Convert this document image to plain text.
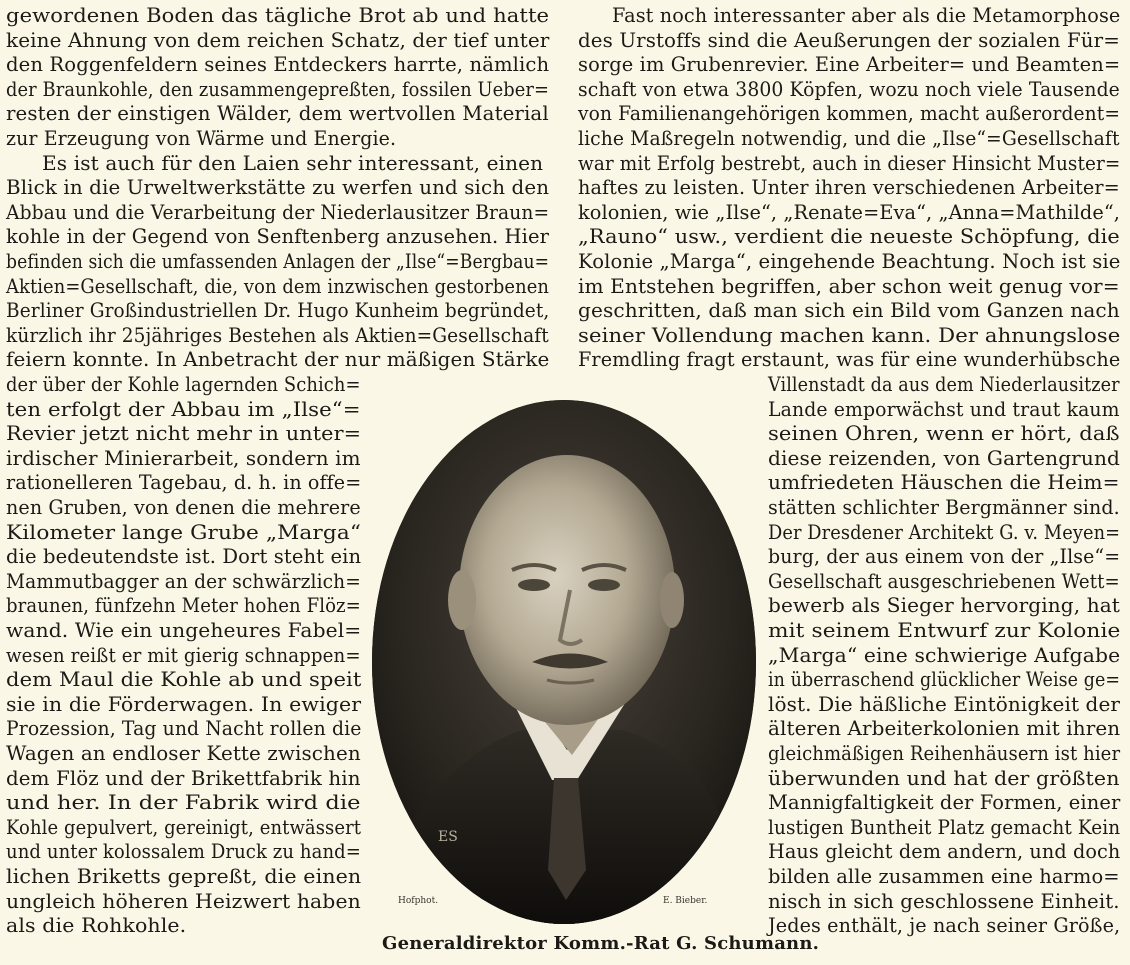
gewordenen Boden das tägliche Brot ab und hatte

keine Ahnung von dem reichen Schatz, der tief unter

den Roggenfeldern seines Entdeckers harrte, nämlich

der Braunkohle, den zusammengepreßten, fossilen Ueber=

resten der einstigen Wälder, dem wertvollen Material

zur Erzeugung von Wärme und Energie.

Es ist auch für den Laien sehr interessant, einen

Blick in die Urweltwerkstätte zu werfen und sich den

Abbau und die Verarbeitung der Niederlausitzer Braun=

kohle in der Gegend von Senftenberg anzusehen. Hier

befinden sich die umfassenden Anlagen der „Ilse“=Bergbau=

Aktien=Gesellschaft, die, von dem inzwischen gestorbenen

Berliner Großindustriellen Dr. Hugo Kunheim begründet,

kürzlich ihr 25jähriges Bestehen als Aktien=Gesellschaft

feiern konnte. In Anbetracht der nur mäßigen Stärke

der über der Kohle lagernden Schich=

ten erfolgt der Abbau im „Ilse“=

Revier jetzt nicht mehr in unter=

irdischer Minierarbeit, sondern im

rationelleren Tagebau, d. h. in offe=

nen Gruben, von denen die mehrere

Kilometer lange Grube „Marga“

die bedeutendste ist. Dort steht ein

Mammutbagger an der schwärzlich=

braunen, fünfzehn Meter hohen Flöz=

wand. Wie ein ungeheures Fabel=

wesen reißt er mit gierig schnappen=

dem Maul die Kohle ab und speit

sie in die Förderwagen. In ewiger

Prozession, Tag und Nacht rollen die

Wagen an endloser Kette zwischen

dem Flöz und der Brikettfabrik hin

und her. In der Fabrik wird die

Kohle gepulvert, gereinigt, entwässert

und unter kolossalem Druck zu hand=

lichen Briketts gepreßt, die einen

ungleich höheren Heizwert haben

als die Rohkohle.

Fast noch interessanter aber als die Metamorphose

des Urstoffs sind die Aeußerungen der sozialen Für=

sorge im Grubenrevier. Eine Arbeiter= und Beamten=

schaft von etwa 3800 Köpfen, wozu noch viele Tausende

von Familienangehörigen kommen, macht außerordent=

liche Maßregeln notwendig, und die „Ilse“=Gesellschaft

war mit Erfolg bestrebt, auch in dieser Hinsicht Muster=

haftes zu leisten. Unter ihren verschiedenen Arbeiter=

kolonien, wie „Ilse“, „Renate=Eva“, „Anna=Mathilde“,

„Rauno“ usw., verdient die neueste Schöpfung, die

Kolonie „Marga“, eingehende Beachtung. Noch ist sie

im Entstehen begriffen, aber schon weit genug vor=

geschritten, daß man sich ein Bild vom Ganzen nach

seiner Vollendung machen kann. Der ahnungslose

Fremdling fragt erstaunt, was für eine wunderhübsche

Villenstadt da aus dem Niederlausitzer

Lande emporwächst und traut kaum

seinen Ohren, wenn er hört, daß

diese reizenden, von Gartengrund

umfriedeten Häuschen die Heim=

stätten schlichter Bergmänner sind.

Der Dresdener Architekt G. v. Meyen=

burg, der aus einem von der „Ilse“=

Gesellschaft ausgeschriebenen Wett=

bewerb als Sieger hervorging, hat

mit seinem Entwurf zur Kolonie

„Marga“ eine schwierige Aufgabe

in überraschend glücklicher Weise ge=

löst. Die häßliche Eintönigkeit der

älteren Arbeiterkolonien mit ihren

gleichmäßigen Reihenhäusern ist hier

überwunden und hat der größten

Mannigfaltigkeit der Formen, einer

lustigen Buntheit Platz gemacht Kein

Haus gleicht dem andern, und doch

bilden alle zusammen eine harmo=

nisch in sich geschlossene Einheit.

Jedes enthält, je nach seiner Größe,

Hofphot.	E. Bieber.
ES
Generaldirektor Komm.-Rat G. Schumann.
